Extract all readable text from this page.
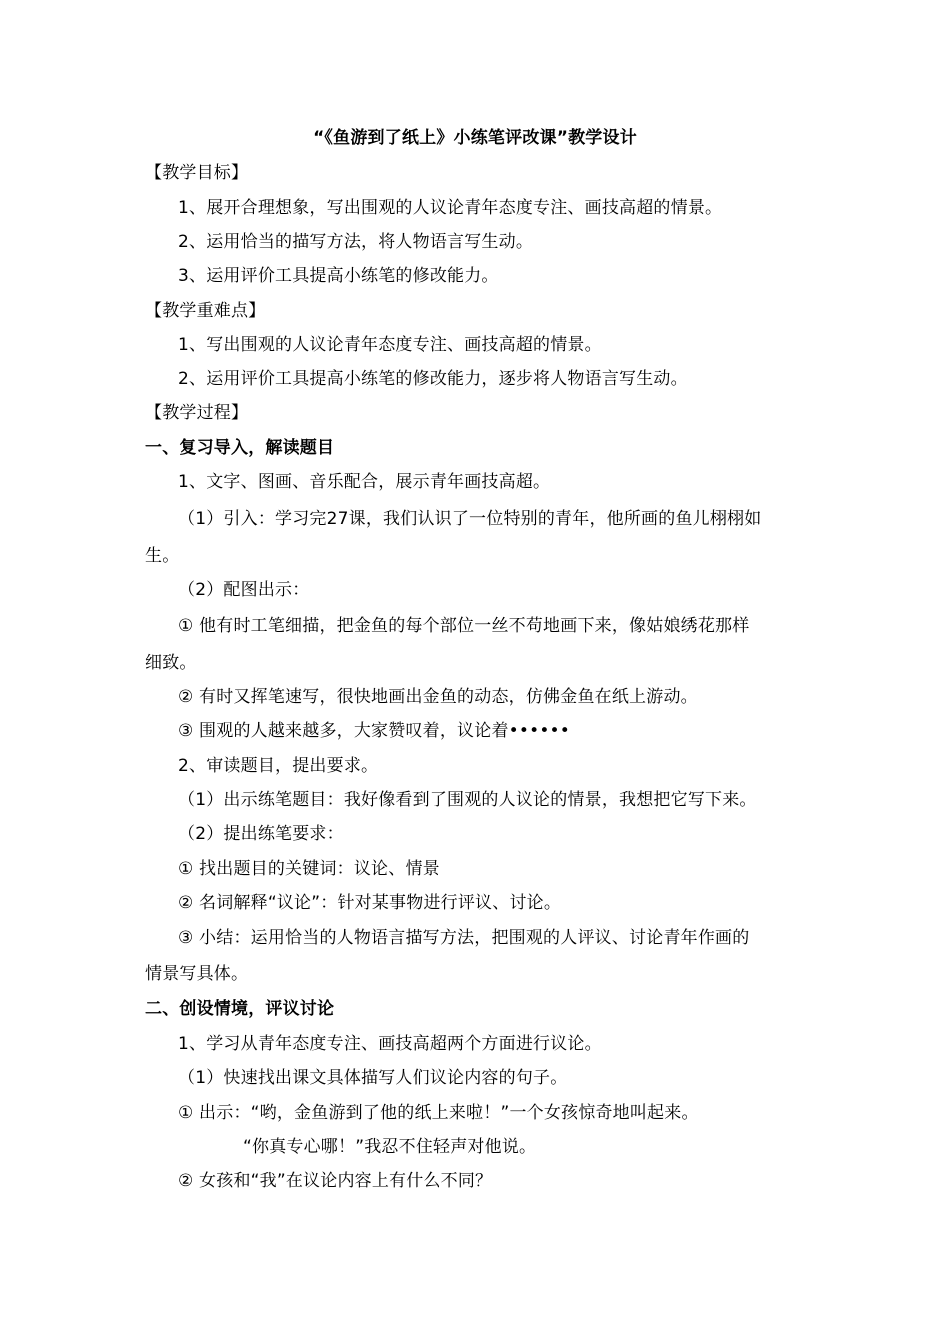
“《鱼游到了纸上》小练笔评改课”教学设计
【教学目标】
1、展开合理想象，写出围观的人议论青年态度专注、画技高超的情景。
2、运用恰当的描写方法，将人物语言写生动。
3、运用评价工具提高小练笔的修改能力。
【教学重难点】
1、写出围观的人议论青年态度专注、画技高超的情景。
2、运用评价工具提高小练笔的修改能力，逐步将人物语言写生动。
【教学过程】
一、复习导入，解读题目
1、文字、图画、音乐配合，展示青年画技高超。
（1）引入：学习完27课，我们认识了一位特别的青年，他所画的鱼儿栩栩如
生。
（2）配图出示：
① 他有时工笔细描，把金鱼的每个部位一丝不苟地画下来，像姑娘绣花那样
细致。
② 有时又挥笔速写，很快地画出金鱼的动态，仿佛金鱼在纸上游动。
③ 围观的人越来越多，大家赞叹着，议论着••••••
2、审读题目，提出要求。
（1）出示练笔题目：我好像看到了围观的人议论的情景，我想把它写下来。
（2）提出练笔要求：
① 找出题目的关键词：议论、情景
② 名词解释“议论”：针对某事物进行评议、讨论。
③ 小结：运用恰当的人物语言描写方法，把围观的人评议、讨论青年作画的
情景写具体。
二、创设情境，评议讨论
1、学习从青年态度专注、画技高超两个方面进行议论。
（1）快速找出课文具体描写人们议论内容的句子。
① 出示：“哟，金鱼游到了他的纸上来啦！”一个女孩惊奇地叫起来。
“你真专心哪！”我忍不住轻声对他说。
② 女孩和“我”在议论内容上有什么不同？
